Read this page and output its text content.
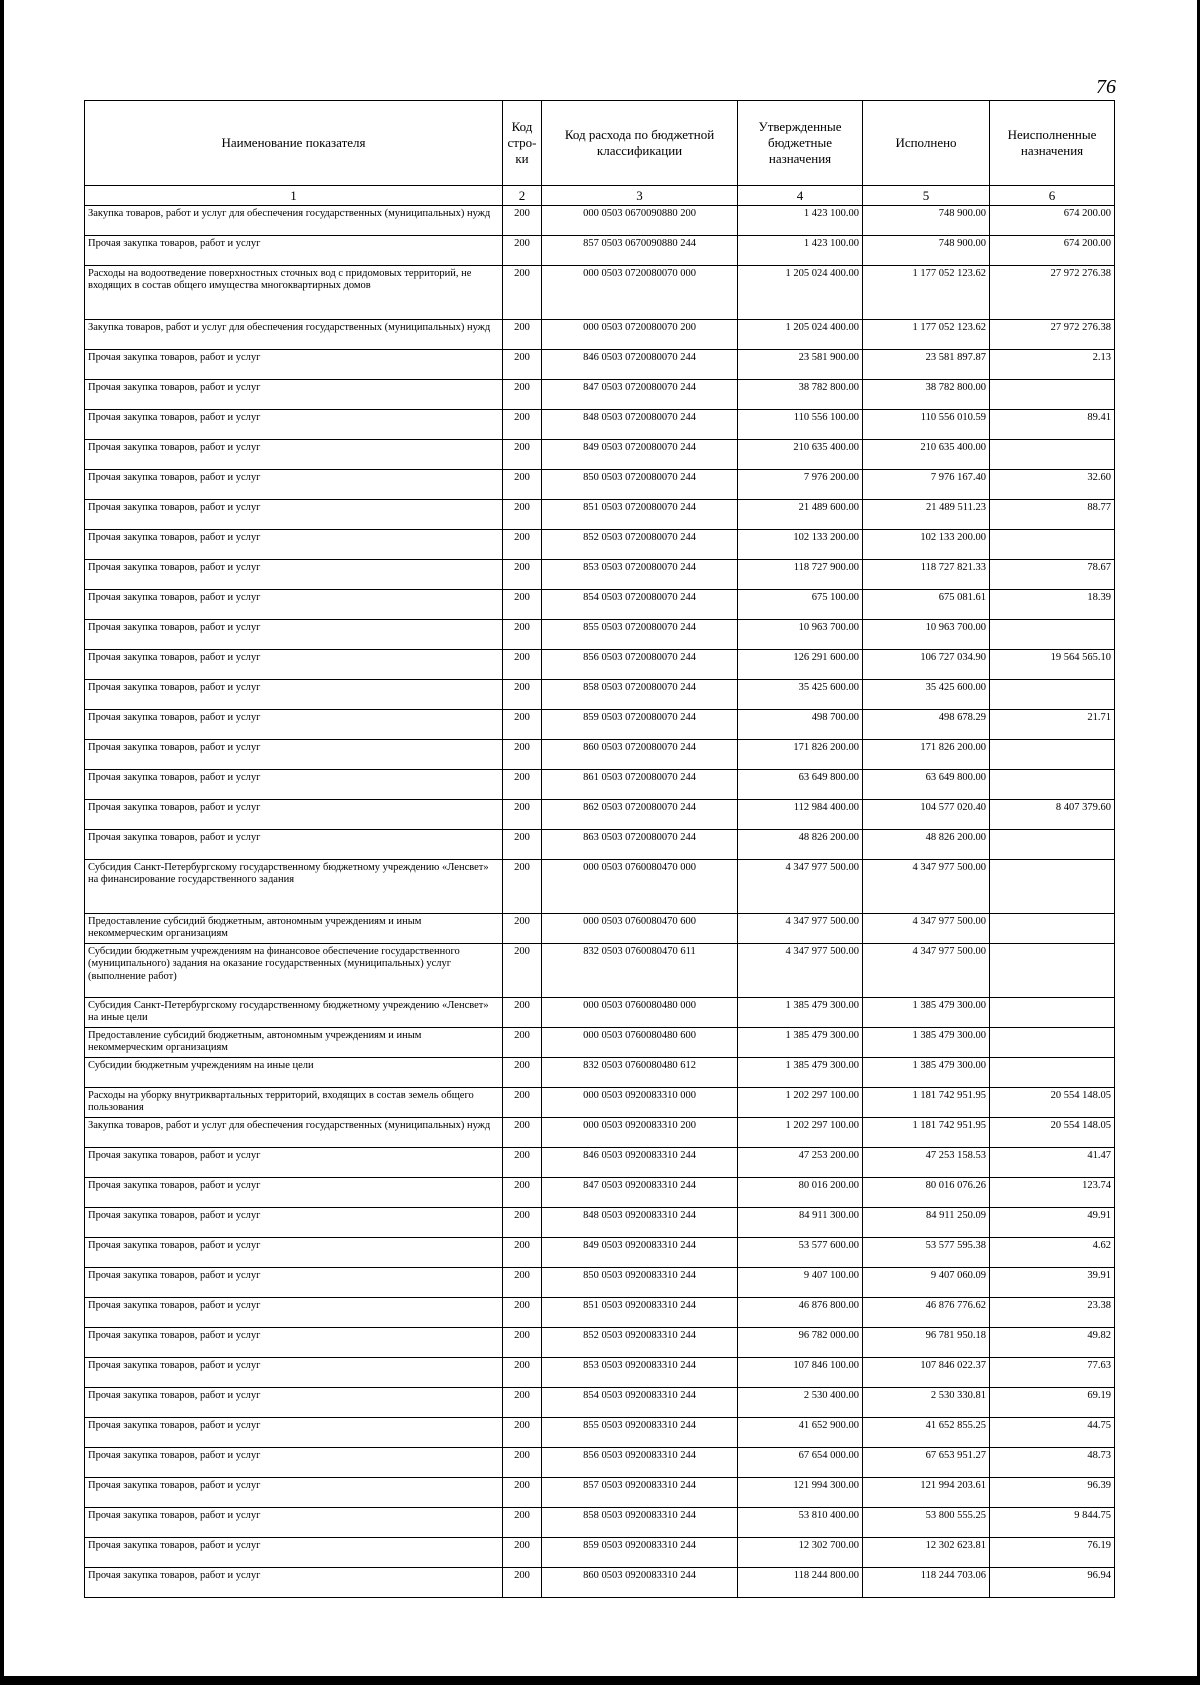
76
Наименование показателя	Код стро-ки	Код расхода по бюджетной классификации	Утвержденные бюджетные назначения	Исполнено	Неисполненные назначения
1	2	3	4	5	6
Закупка товаров, работ и услуг для обеспечения государственных (муниципальных) нужд	200	000 0503 0670090880 200	1 423 100.00	748 900.00	674 200.00
Прочая закупка товаров, работ и услуг	200	857 0503 0670090880 244	1 423 100.00	748 900.00	674 200.00
Расходы на водоотведение поверхностных сточных вод с придомовых территорий, не входящих в состав общего имущества многоквартирных домов	200	000 0503 0720080070 000	1 205 024 400.00	1 177 052 123.62	27 972 276.38
Закупка товаров, работ и услуг для обеспечения государственных (муниципальных) нужд	200	000 0503 0720080070 200	1 205 024 400.00	1 177 052 123.62	27 972 276.38
Прочая закупка товаров, работ и услуг	200	846 0503 0720080070 244	23 581 900.00	23 581 897.87	2.13
Прочая закупка товаров, работ и услуг	200	847 0503 0720080070 244	38 782 800.00	38 782 800.00	
Прочая закупка товаров, работ и услуг	200	848 0503 0720080070 244	110 556 100.00	110 556 010.59	89.41
Прочая закупка товаров, работ и услуг	200	849 0503 0720080070 244	210 635 400.00	210 635 400.00	
Прочая закупка товаров, работ и услуг	200	850 0503 0720080070 244	7 976 200.00	7 976 167.40	32.60
Прочая закупка товаров, работ и услуг	200	851 0503 0720080070 244	21 489 600.00	21 489 511.23	88.77
Прочая закупка товаров, работ и услуг	200	852 0503 0720080070 244	102 133 200.00	102 133 200.00	
Прочая закупка товаров, работ и услуг	200	853 0503 0720080070 244	118 727 900.00	118 727 821.33	78.67
Прочая закупка товаров, работ и услуг	200	854 0503 0720080070 244	675 100.00	675 081.61	18.39
Прочая закупка товаров, работ и услуг	200	855 0503 0720080070 244	10 963 700.00	10 963 700.00	
Прочая закупка товаров, работ и услуг	200	856 0503 0720080070 244	126 291 600.00	106 727 034.90	19 564 565.10
Прочая закупка товаров, работ и услуг	200	858 0503 0720080070 244	35 425 600.00	35 425 600.00	
Прочая закупка товаров, работ и услуг	200	859 0503 0720080070 244	498 700.00	498 678.29	21.71
Прочая закупка товаров, работ и услуг	200	860 0503 0720080070 244	171 826 200.00	171 826 200.00	
Прочая закупка товаров, работ и услуг	200	861 0503 0720080070 244	63 649 800.00	63 649 800.00	
Прочая закупка товаров, работ и услуг	200	862 0503 0720080070 244	112 984 400.00	104 577 020.40	8 407 379.60
Прочая закупка товаров, работ и услуг	200	863 0503 0720080070 244	48 826 200.00	48 826 200.00	
Субсидия Санкт-Петербургскому государственному бюджетному учреждению «Ленсвет» на финансирование государственного задания	200	000 0503 0760080470 000	4 347 977 500.00	4 347 977 500.00	
Предоставление субсидий бюджетным, автономным учреждениям и иным некоммерческим организациям	200	000 0503 0760080470 600	4 347 977 500.00	4 347 977 500.00	
Субсидии бюджетным учреждениям на финансовое обеспечение государственного (муниципального) задания на оказание государственных (муниципальных) услуг (выполнение работ)	200	832 0503 0760080470 611	4 347 977 500.00	4 347 977 500.00	
Субсидия Санкт-Петербургскому государственному бюджетному учреждению «Ленсвет» на иные цели	200	000 0503 0760080480 000	1 385 479 300.00	1 385 479 300.00	
Предоставление субсидий бюджетным, автономным учреждениям и иным некоммерческим организациям	200	000 0503 0760080480 600	1 385 479 300.00	1 385 479 300.00	
Субсидии бюджетным учреждениям на иные цели	200	832 0503 0760080480 612	1 385 479 300.00	1 385 479 300.00	
Расходы на уборку внутриквартальных территорий, входящих в состав земель общего пользования	200	000 0503 0920083310 000	1 202 297 100.00	1 181 742 951.95	20 554 148.05
Закупка товаров, работ и услуг для обеспечения государственных (муниципальных) нужд	200	000 0503 0920083310 200	1 202 297 100.00	1 181 742 951.95	20 554 148.05
Прочая закупка товаров, работ и услуг	200	846 0503 0920083310 244	47 253 200.00	47 253 158.53	41.47
Прочая закупка товаров, работ и услуг	200	847 0503 0920083310 244	80 016 200.00	80 016 076.26	123.74
Прочая закупка товаров, работ и услуг	200	848 0503 0920083310 244	84 911 300.00	84 911 250.09	49.91
Прочая закупка товаров, работ и услуг	200	849 0503 0920083310 244	53 577 600.00	53 577 595.38	4.62
Прочая закупка товаров, работ и услуг	200	850 0503 0920083310 244	9 407 100.00	9 407 060.09	39.91
Прочая закупка товаров, работ и услуг	200	851 0503 0920083310 244	46 876 800.00	46 876 776.62	23.38
Прочая закупка товаров, работ и услуг	200	852 0503 0920083310 244	96 782 000.00	96 781 950.18	49.82
Прочая закупка товаров, работ и услуг	200	853 0503 0920083310 244	107 846 100.00	107 846 022.37	77.63
Прочая закупка товаров, работ и услуг	200	854 0503 0920083310 244	2 530 400.00	2 530 330.81	69.19
Прочая закупка товаров, работ и услуг	200	855 0503 0920083310 244	41 652 900.00	41 652 855.25	44.75
Прочая закупка товаров, работ и услуг	200	856 0503 0920083310 244	67 654 000.00	67 653 951.27	48.73
Прочая закупка товаров, работ и услуг	200	857 0503 0920083310 244	121 994 300.00	121 994 203.61	96.39
Прочая закупка товаров, работ и услуг	200	858 0503 0920083310 244	53 810 400.00	53 800 555.25	9 844.75
Прочая закупка товаров, работ и услуг	200	859 0503 0920083310 244	12 302 700.00	12 302 623.81	76.19
Прочая закупка товаров, работ и услуг	200	860 0503 0920083310 244	118 244 800.00	118 244 703.06	96.94
